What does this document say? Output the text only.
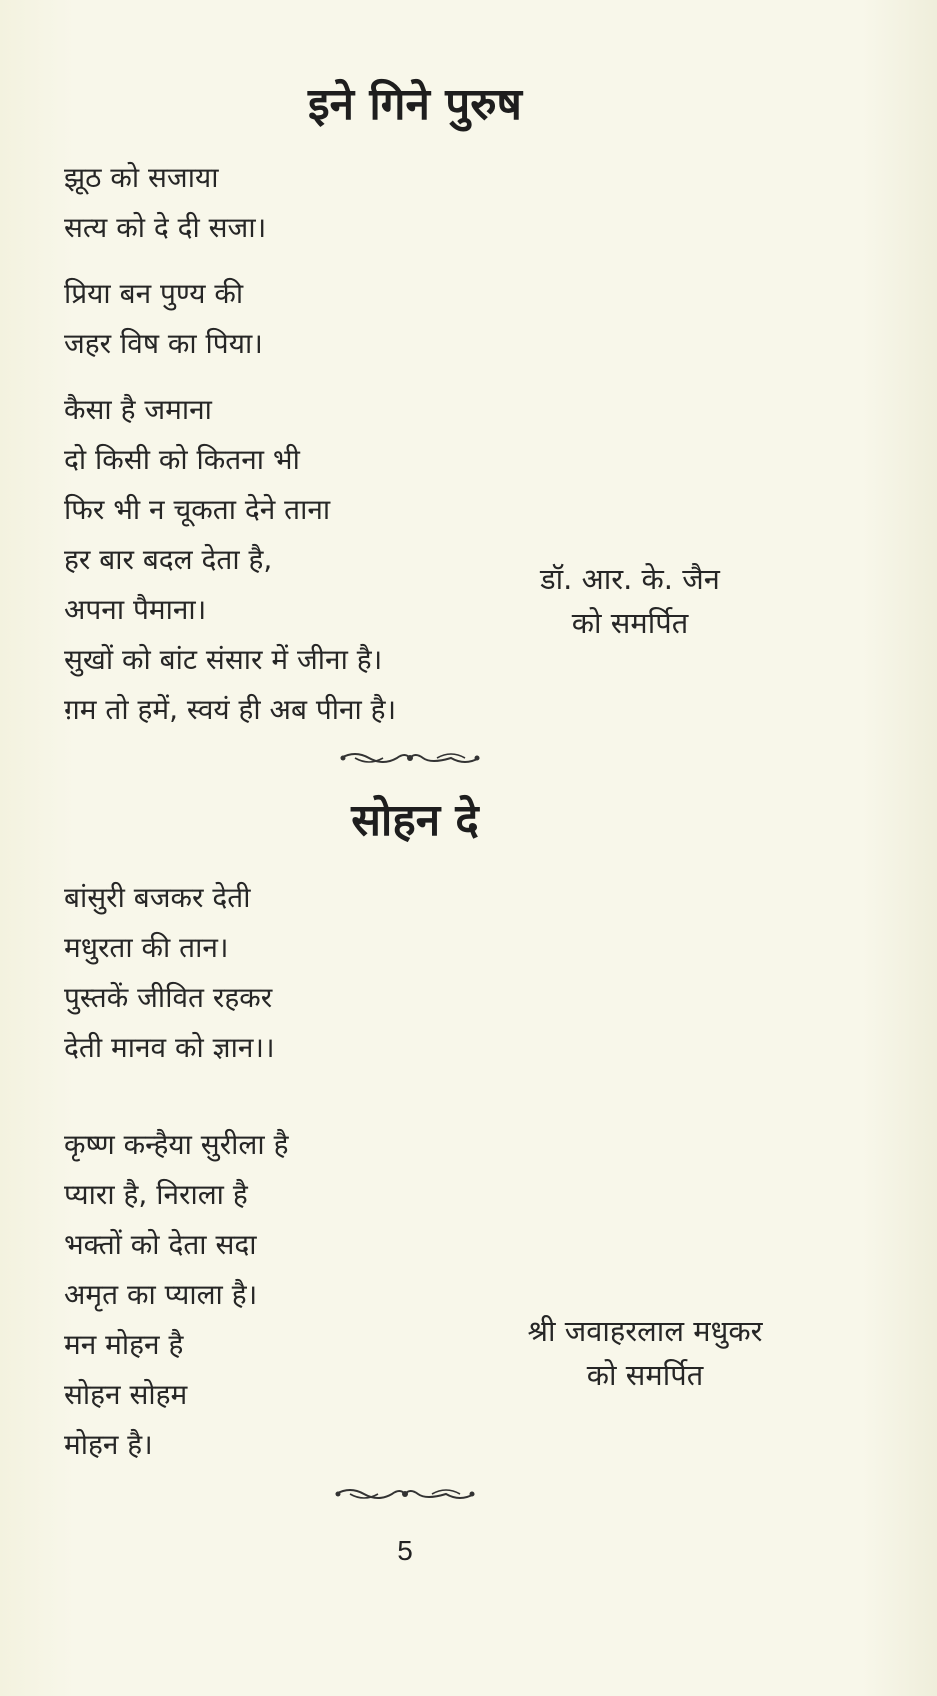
इने गिने पुरुष
झूठ को सजाया
सत्य को दे दी सजा।
प्रिया बन पुण्य की
जहर विष का पिया।
कैसा है जमाना
दो किसी को कितना भी
फिर भी न चूकता देने ताना
हर बार बदल देता है,
अपना पैमाना।
सुखों को बांट संसार में जीना है।
ग़म तो हमें, स्वयं ही अब पीना है।
डॉ. आर. के. जैन
को समर्पित
सोहन दे
बांसुरी बजकर देती
मधुरता की तान।
पुस्तकें जीवित रहकर
देती मानव को ज्ञान।।
कृष्ण कन्हैया सुरीला है
प्यारा है, निराला है
भक्तों को देता सदा
अमृत का प्याला है।
मन मोहन है
सोहन सोहम
मोहन है।
श्री जवाहरलाल मधुकर
को समर्पित
5
